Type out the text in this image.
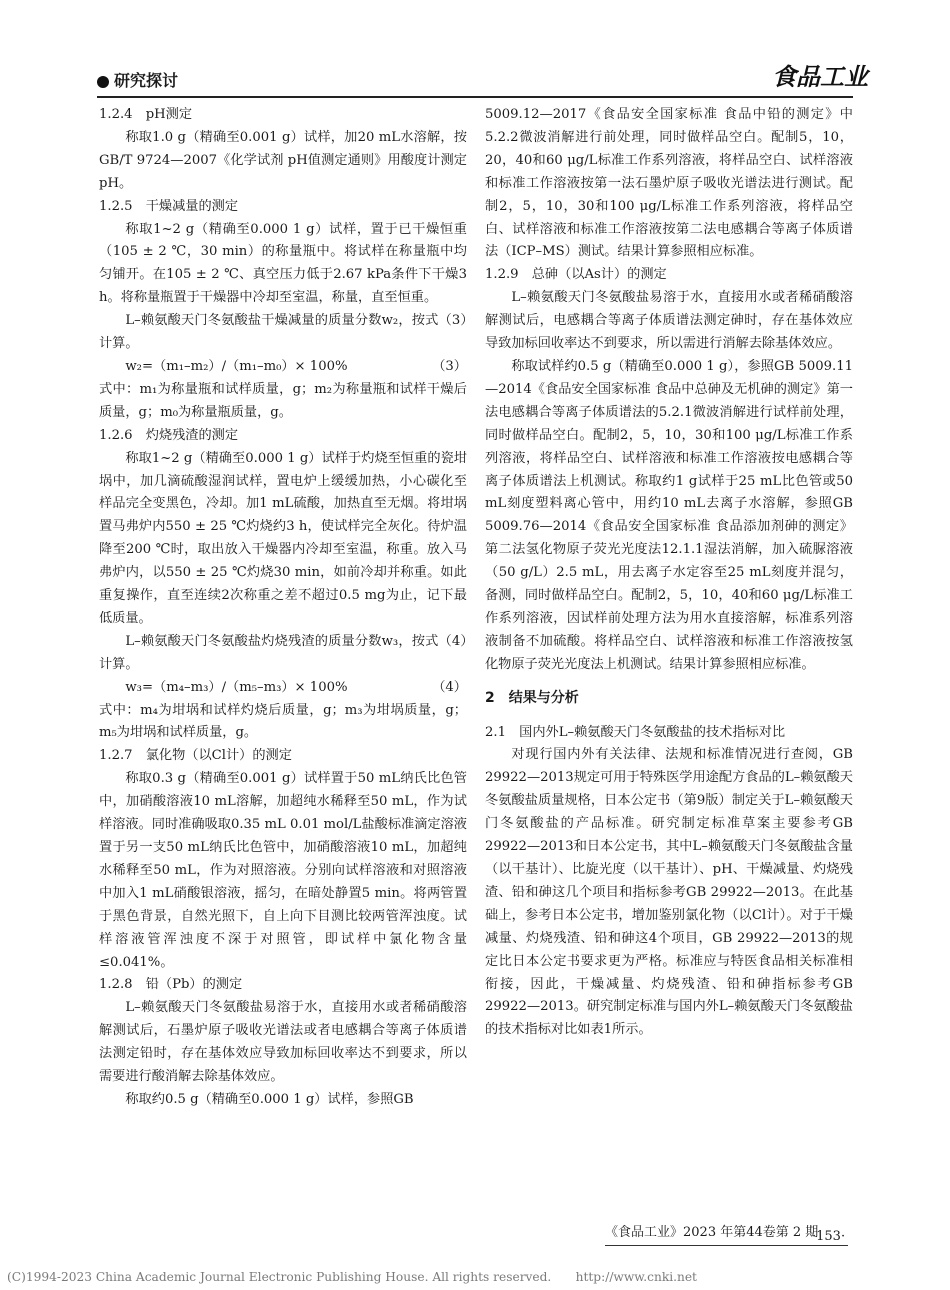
研究探讨	食品工业

1.2.4　pH测定

称取1.0 g（精确至0.001 g）试样，加20 mL水溶解，按GB/T 9724—2007《化学试剂 pH值测定通则》用酸度计测定pH。

1.2.5　干燥减量的测定

称取1~2 g（精确至0.000 1 g）试样，置于已干燥恒重（105 ± 2 ℃，30 min）的称量瓶中。将试样在称量瓶中均匀铺开。在105 ± 2 ℃、真空压力低于2.67 kPa条件下干燥3 h。将称量瓶置于干燥器中冷却至室温，称量，直至恒重。

L–赖氨酸天门冬氨酸盐干燥减量的质量分数w₂，按式（3）计算。

w₂=（m₁–m₂）/（m₁–m₀）× 100%	（3）

式中：m₁为称量瓶和试样质量，g；m₂为称量瓶和试样干燥后质量，g；m₀为称量瓶质量，g。

1.2.6　灼烧残渣的测定

称取1~2 g（精确至0.000 1 g）试样于灼烧至恒重的瓷坩埚中，加几滴硫酸湿润试样，置电炉上缓缓加热，小心碳化至样品完全变黑色，冷却。加1 mL硫酸，加热直至无烟。将坩埚置马弗炉内550 ± 25 ℃灼烧约3 h，使试样完全灰化。待炉温降至200 ℃时，取出放入干燥器内冷却至室温，称重。放入马弗炉内，以550 ± 25 ℃灼烧30 min，如前冷却并称重。如此重复操作，直至连续2次称重之差不超过0.5 mg为止，记下最低质量。

L–赖氨酸天门冬氨酸盐灼烧残渣的质量分数w₃，按式（4）计算。

w₃=（m₄–m₃）/（m₅–m₃）× 100%	（4）

式中：m₄为坩埚和试样灼烧后质量，g；m₃为坩埚质量，g；m₅为坩埚和试样质量，g。

1.2.7　氯化物（以Cl计）的测定

称取0.3 g（精确至0.001 g）试样置于50 mL纳氏比色管中，加硝酸溶液10 mL溶解，加超纯水稀释至50 mL，作为试样溶液。同时准确吸取0.35 mL 0.01 mol/L盐酸标准滴定溶液置于另一支50 mL纳氏比色管中，加硝酸溶液10 mL，加超纯水稀释至50 mL，作为对照溶液。分别向试样溶液和对照溶液中加入1 mL硝酸银溶液，摇匀，在暗处静置5 min。将两管置于黑色背景，自然光照下，自上向下目测比较两管浑浊度。试样溶液管浑浊度不深于对照管，即试样中氯化物含量≤0.041%。

1.2.8　铅（Pb）的测定

L–赖氨酸天门冬氨酸盐易溶于水，直接用水或者稀硝酸溶解测试后，石墨炉原子吸收光谱法或者电感耦合等离子体质谱法测定铅时，存在基体效应导致加标回收率达不到要求，所以需要进行酸消解去除基体效应。

称取约0.5 g（精确至0.000 1 g）试样，参照GB

5009.12—2017《食品安全国家标准 食品中铅的测定》中5.2.2微波消解进行前处理，同时做样品空白。配制5，10，20，40和60 μg/L标准工作系列溶液，将样品空白、试样溶液和标准工作溶液按第一法石墨炉原子吸收光谱法进行测试。配制2，5，10，30和100 μg/L标准工作系列溶液，将样品空白、试样溶液和标准工作溶液按第二法电感耦合等离子体质谱法（ICP–MS）测试。结果计算参照相应标准。

1.2.9　总砷（以As计）的测定

L–赖氨酸天门冬氨酸盐易溶于水，直接用水或者稀硝酸溶解测试后，电感耦合等离子体质谱法测定砷时，存在基体效应导致加标回收率达不到要求，所以需进行消解去除基体效应。

称取试样约0.5 g（精确至0.000 1 g），参照GB 5009.11—2014《食品安全国家标准 食品中总砷及无机砷的测定》第一法电感耦合等离子体质谱法的5.2.1微波消解进行试样前处理，同时做样品空白。配制2，5，10，30和100 μg/L标准工作系列溶液，将样品空白、试样溶液和标准工作溶液按电感耦合等离子体质谱法上机测试。称取约1 g试样于25 mL比色管或50 mL刻度塑料离心管中，用约10 mL去离子水溶解，参照GB 5009.76—2014《食品安全国家标准 食品添加剂砷的测定》第二法氢化物原子荧光光度法12.1.1湿法消解，加入硫脲溶液（50 g/L）2.5 mL，用去离子水定容至25 mL刻度并混匀，备测，同时做样品空白。配制2，5，10，40和60 μg/L标准工作系列溶液，因试样前处理方法为用水直接溶解，标准系列溶液制备不加硫酸。将样品空白、试样溶液和标准工作溶液按氢化物原子荧光光度法上机测试。结果计算参照相应标准。

2　结果与分析

2.1　国内外L–赖氨酸天门冬氨酸盐的技术指标对比

对现行国内外有关法律、法规和标准情况进行查阅，GB 29922—2013规定可用于特殊医学用途配方食品的L–赖氨酸天冬氨酸盐质量规格，日本公定书（第9版）制定关于L–赖氨酸天门冬氨酸盐的产品标准。研究制定标准草案主要参考GB 29922—2013和日本公定书，其中L–赖氨酸天门冬氨酸盐含量（以干基计）、比旋光度（以干基计）、pH、干燥减量、灼烧残渣、铅和砷这几个项目和指标参考GB 29922—2013。在此基础上，参考日本公定书，增加鉴别氯化物（以Cl计）。对于干燥减量、灼烧残渣、铅和砷这4个项目，GB 29922—2013的规定比日本公定书要求更为严格。标准应与特医食品相关标准相衔接，因此，干燥减量、灼烧残渣、铅和砷指标参考GB 29922—2013。研究制定标准与国内外L–赖氨酸天门冬氨酸盐的技术指标对比如表1所示。

《食品工业》2023 年第44卷第 2 期
·153·
(C)1994-2023 China Academic Journal Electronic Publishing House. All rights reserved.　　http://www.cnki.net
